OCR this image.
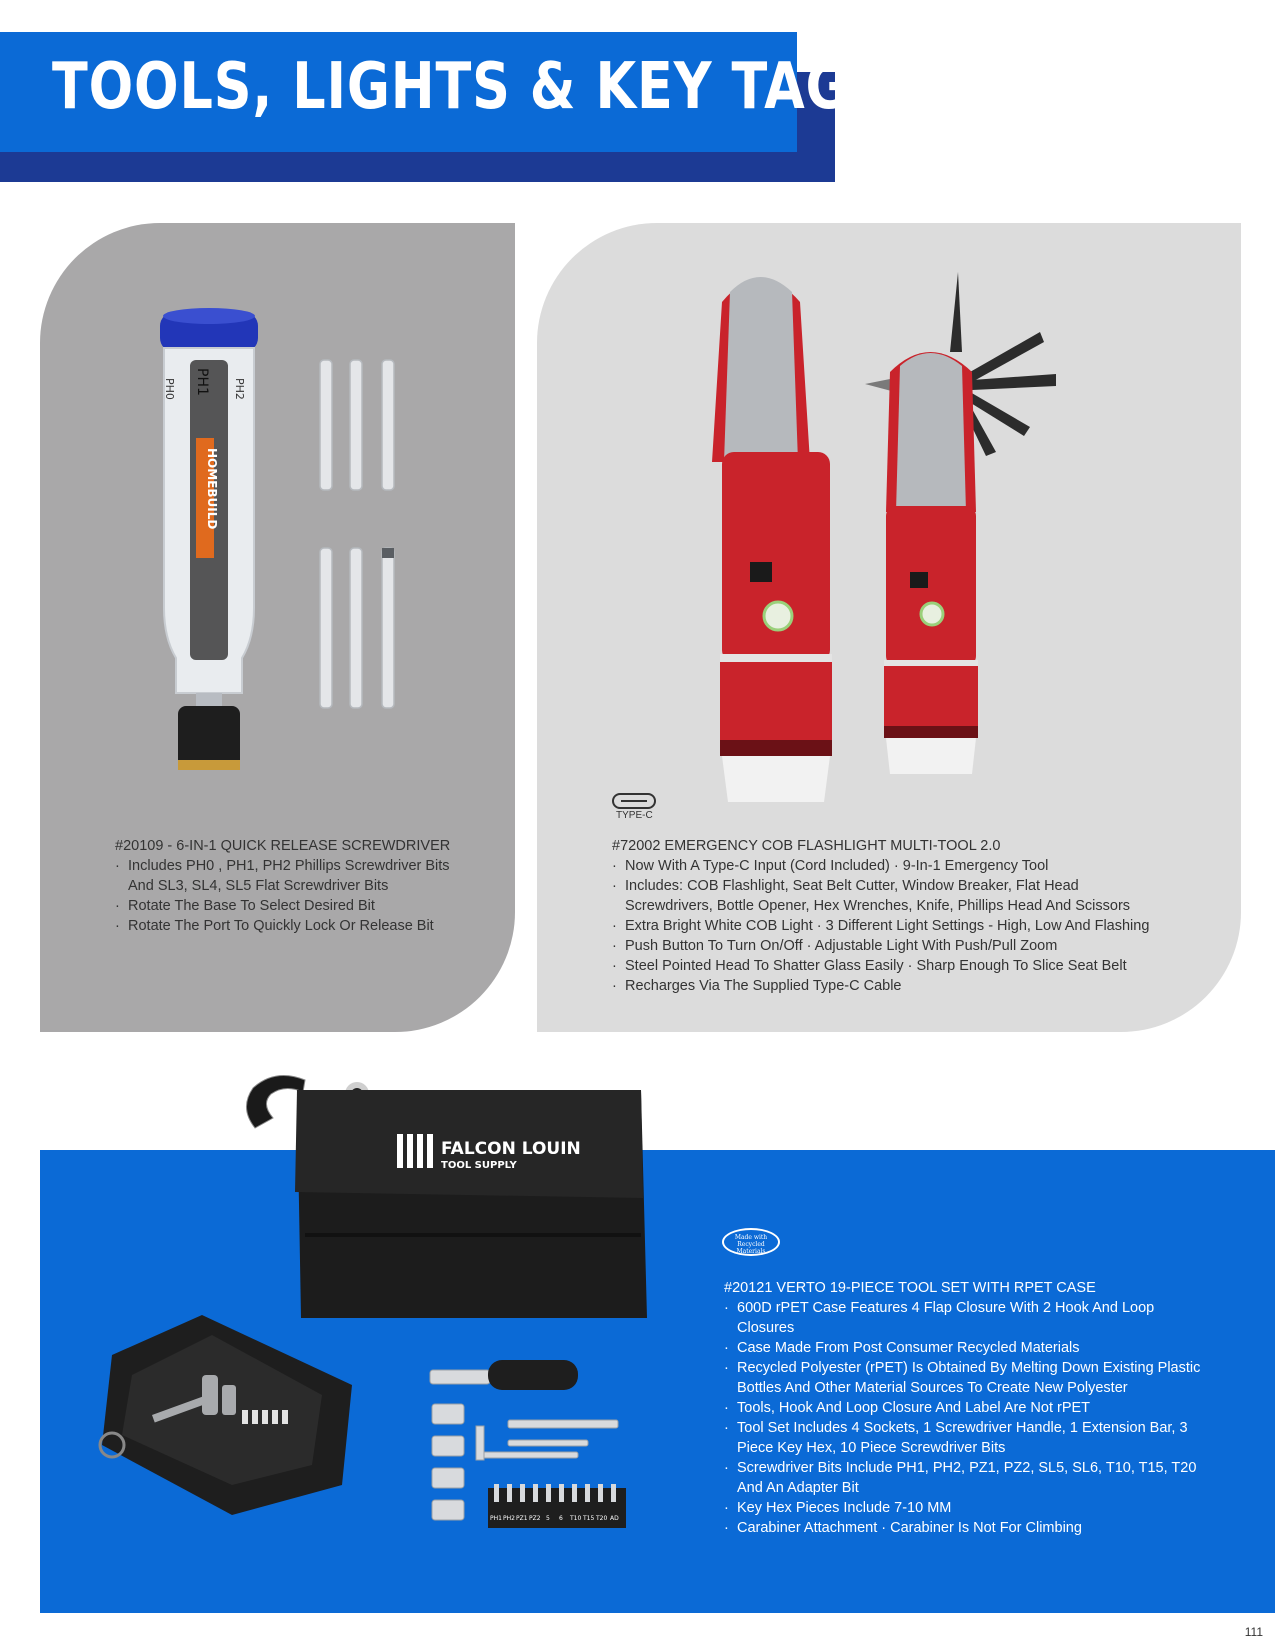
TOOLS, LIGHTS & KEY TAGS
HOMEBUILD
PH0 PH1 PH2
TYPE-C
#20109 - 6-IN-1 QUICK RELEASE SCREWDRIVER
· Includes PH0 , PH1, PH2 Phillips Screwdriver Bits And SL3, SL4, SL5 Flat Screwdriver Bits
· Rotate The Base To Select Desired Bit
· Rotate The Port To Quickly Lock Or Release Bit
#72002 EMERGENCY COB FLASHLIGHT MULTI-TOOL 2.0
· Now With A Type-C Input (Cord Included) · 9-In-1 Emergency Tool
· Includes: COB Flashlight, Seat Belt Cutter, Window Breaker, Flat Head Screwdrivers, Bottle Opener, Hex Wrenches, Knife, Phillips Head And Scissors
· Extra Bright White COB Light · 3 Different Light Settings - High, Low And Flashing
· Push Button To Turn On/Off · Adjustable Light With Push/Pull Zoom
· Steel Pointed Head To Shatter Glass Easily · Sharp Enough To Slice Seat Belt
· Recharges Via The Supplied Type-C Cable
FALCON LOUIN
TOOL SUPPLY
PH1 PH2 PZ1 PZ2 5 6 T10 T15 T20 AD
Made with Recycled Materials
#20121 VERTO 19-PIECE TOOL SET WITH RPET CASE
· 600D rPET Case Features 4 Flap Closure With 2 Hook And Loop Closures
· Case Made From Post Consumer Recycled Materials
· Recycled Polyester (rPET) Is Obtained By Melting Down Existing Plastic Bottles And Other Material Sources To Create New Polyester
· Tools, Hook And Loop Closure And Label Are Not rPET
· Tool Set Includes 4 Sockets, 1 Screwdriver Handle, 1 Extension Bar, 3 Piece Key Hex, 10 Piece Screwdriver Bits
· Screwdriver Bits Include PH1, PH2, PZ1, PZ2, SL5, SL6, T10, T15, T20 And An Adapter Bit
· Key Hex Pieces Include 7-10 MM
· Carabiner Attachment · Carabiner Is Not For Climbing
111
